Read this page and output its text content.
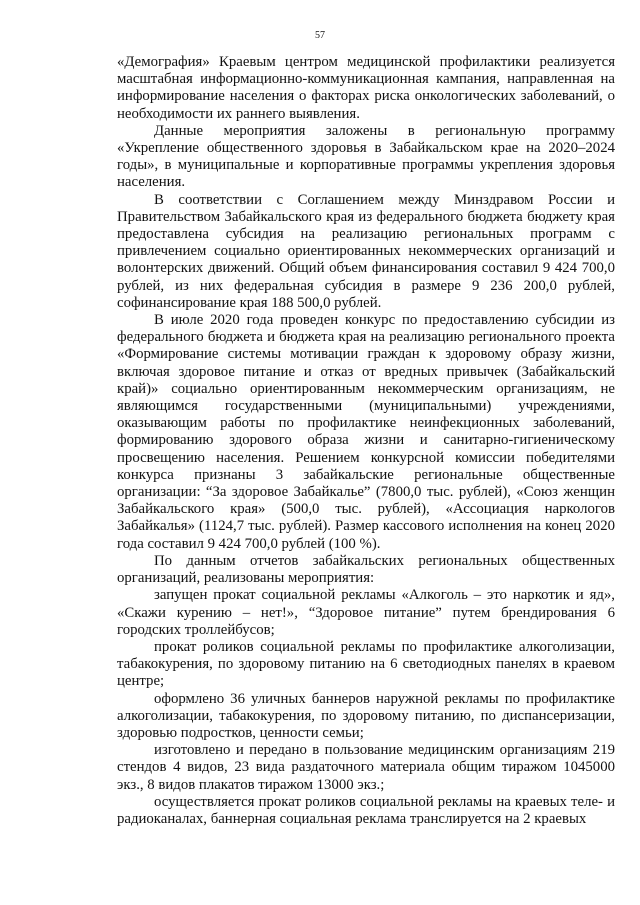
57

«Демография» Краевым центром медицинской профилактики реализуется масштабная информационно-коммуникационная кампания, направленная на информирование населения о факторах риска онкологических заболеваний, о необходимости их раннего выявления.

Данные мероприятия заложены в региональную программу «Укрепление общественного здоровья в Забайкальском крае на 2020–2024 годы», в муниципальные и корпоративные программы укрепления здоровья населения.

В соответствии с Соглашением между Минздравом России и Правительством Забайкальского края из федерального бюджета бюджету края предоставлена субсидия на реализацию региональных программ с привлечением социально ориентированных некоммерческих организаций и волонтерских движений. Общий объем финансирования составил 9 424 700,0 рублей, из них федеральная субсидия в размере 9 236 200,0 рублей, софинансирование края 188 500,0 рублей.

В июле 2020 года проведен конкурс по предоставлению субсидии из федерального бюджета и бюджета края на реализацию регионального проекта «Формирование системы мотивации граждан к здоровому образу жизни, включая здоровое питание и отказ от вредных привычек (Забайкальский край)» социально ориентированным некоммерческим организациям, не являющимся государственными (муниципальными) учреждениями, оказывающим работы по профилактике неинфекционных заболеваний, формированию здорового образа жизни и санитарно-гигиеническому просвещению населения. Решением конкурсной комиссии победителями конкурса признаны 3 забайкальские региональные общественные организации: “За здоровое Забайкалье” (7800,0 тыс. рублей), «Союз женщин Забайкальского края» (500,0 тыс. рублей), «Ассоциация наркологов Забайкалья» (1124,7 тыс. рублей). Размер кассового исполнения на конец 2020 года составил 9 424 700,0 рублей (100 %).

По данным отчетов забайкальских региональных общественных организаций, реализованы мероприятия:

запущен прокат социальной рекламы «Алкоголь – это наркотик и яд», «Скажи курению – нет!», “Здоровое питание” путем брендирования 6 городских троллейбусов;

прокат роликов социальной рекламы по профилактике алкоголизации, табакокурения, по здоровому питанию на 6 светодиодных панелях в краевом центре;

оформлено 36 уличных баннеров наружной рекламы по профилактике алкоголизации, табакокурения, по здоровому питанию, по диспансеризации, здоровью подростков, ценности семьи;

изготовлено и передано в пользование медицинским организациям 219 стендов 4 видов, 23 вида раздаточного материала общим тиражом 1045000 экз., 8 видов плакатов тиражом 13000 экз.;

осуществляется прокат роликов социальной рекламы на краевых теле- и радиоканалах, баннерная социальная реклама транслируется на 2 краевых
